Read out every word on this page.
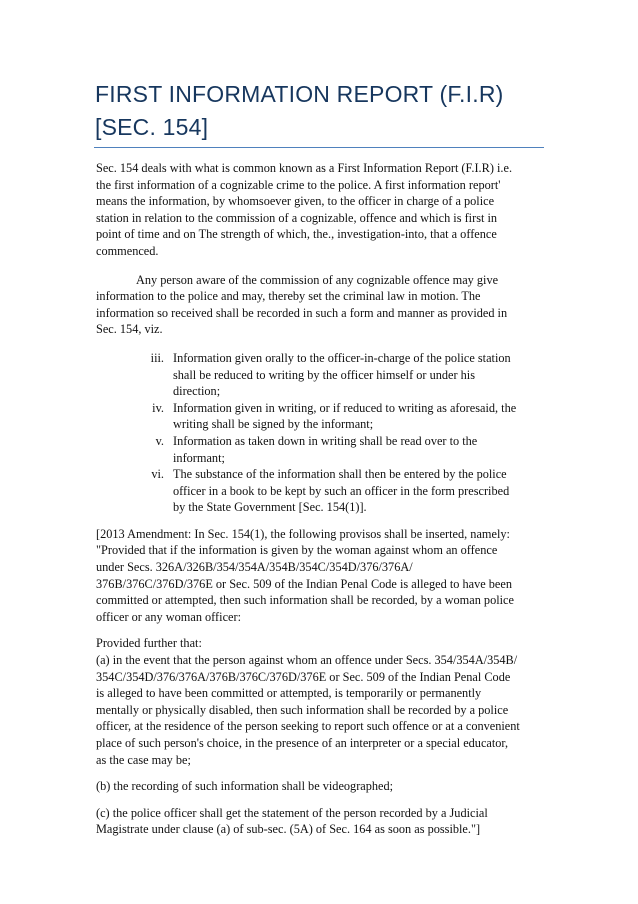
FIRST INFORMATION REPORT (F.I.R)
[SEC. 154]
Sec. 154 deals with what is common known as a First Information Report (F.I.R) i.e.
the first information of a cognizable crime to the police. A first information report'
means the information, by whomsoever given, to the officer in charge of a police
station in relation to the commission of a cognizable, offence and which is first in
point of time and on The strength of which, the., investigation-into, that a offence
commenced.
Any person aware of the commission of any cognizable offence may give
information to the police and may, thereby set the criminal law in motion. The
information so received shall be recorded in such a form and manner as provided in
Sec. 154, viz.
iii. Information given orally to the officer-in-charge of the police station
shall be reduced to writing by the officer himself or under his
direction;
iv. Information given in writing, or if reduced to writing as aforesaid, the
writing shall be signed by the informant;
v. Information as taken down in writing shall be read over to the
informant;
vi. The substance of the information shall then be entered by the police
officer in a book to be kept by such an officer in the form prescribed
by the State Government [Sec. 154(1)].
[2013 Amendment: In Sec. 154(1), the following provisos shall be inserted, namely:
"Provided that if the information is given by the woman against whom an offence
under Secs. 326A/326B/354/354A/354B/354C/354D/376/376A/
376B/376C/376D/376E or Sec. 509 of the Indian Penal Code is alleged to have been
committed or attempted, then such information shall be recorded, by a woman police
officer or any woman officer:
Provided further that:
(a) in the event that the person against whom an offence under Secs. 354/354A/354B/
354C/354D/376/376A/376B/376C/376D/376E or Sec. 509 of the Indian Penal Code
is alleged to have been committed or attempted, is temporarily or permanently
mentally or physically disabled, then such information shall be recorded by a police
officer, at the residence of the person seeking to report such offence or at a convenient
place of such person's choice, in the presence of an interpreter or a special educator,
as the case may be;
(b) the recording of such information shall be videographed;
(c) the police officer shall get the statement of the person recorded by a Judicial
Magistrate under clause (a) of sub-sec. (5A) of Sec. 164 as soon as possible."]
